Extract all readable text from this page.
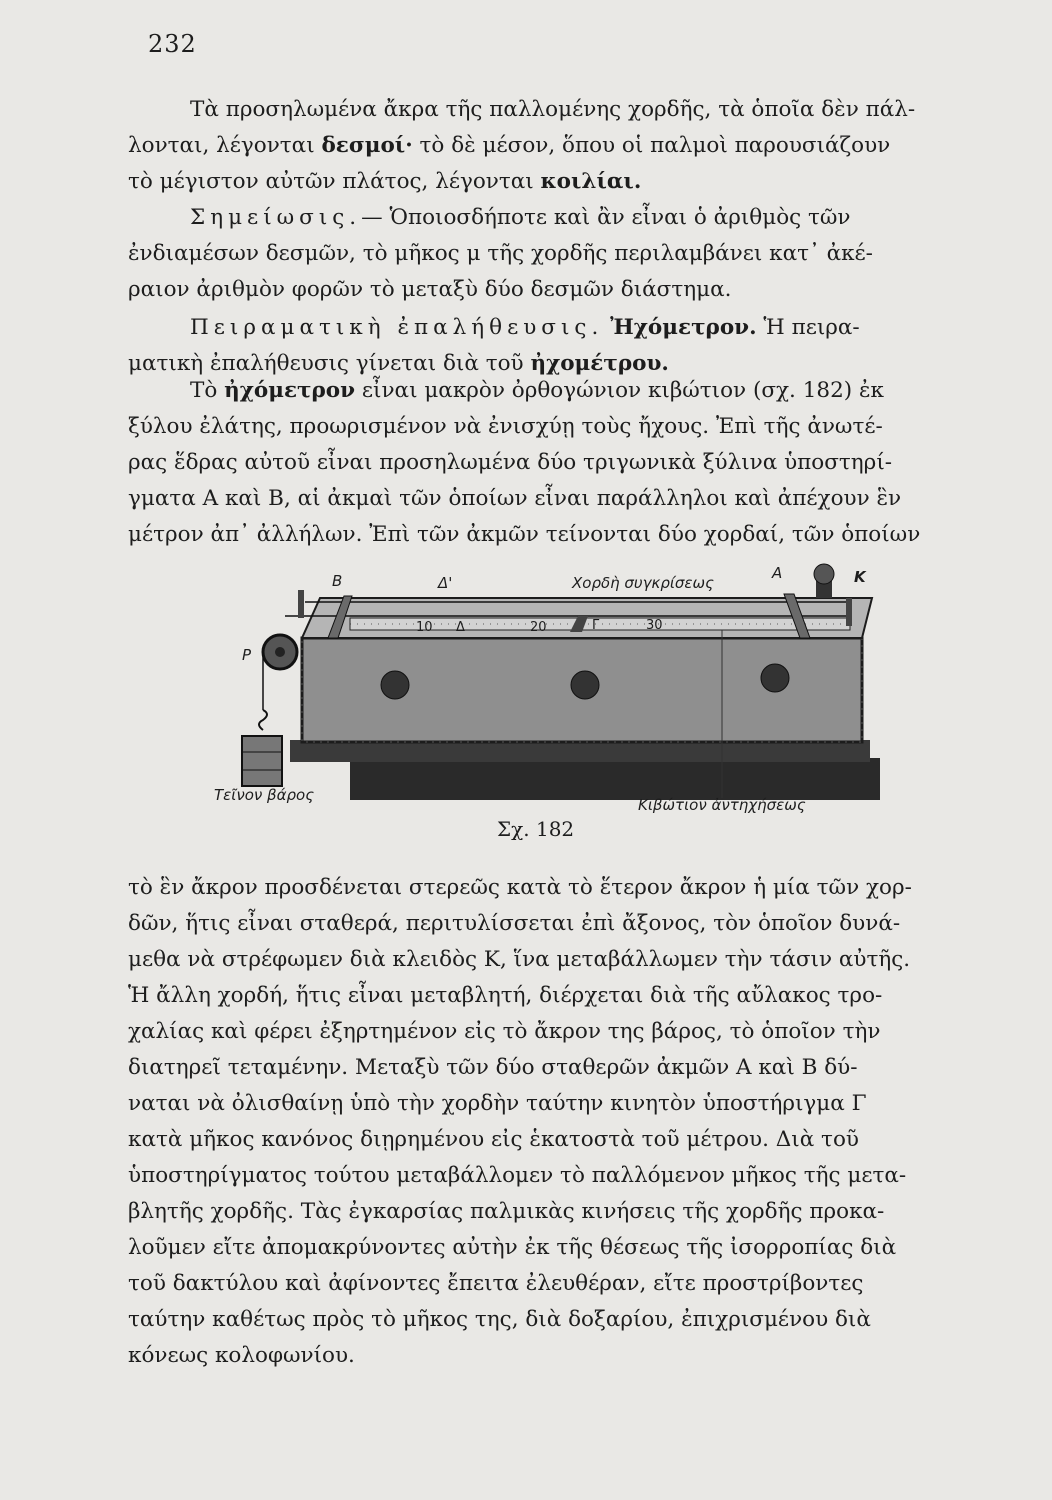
232
Τὰ προσηλωμένα ἄκρα τῆς παλλομένης χορδῆς, τὰ ὁποῖα δὲν πάλ-
λονται, λέγονται δεσμοί· τὸ δὲ μέσον, ὅπου οἱ παλμοὶ παρουσιάζουν
τὸ μέγιστον αὐτῶν πλάτος, λέγονται κοιλίαι.
Σημείωσις.— Ὁποιοσδήποτε καὶ ἂν εἶναι ὁ ἀριθμὸς τῶν
ἐνδιαμέσων δεσμῶν, τὸ μῆκος μ τῆς χορδῆς περιλαμβάνει κατ᾽ ἀκέ-
ραιον ἀριθμὸν φορῶν τὸ μεταξὺ δύο δεσμῶν διάστημα.
Πειραματικὴ ἐπαλήθευσις. Ἠχόμετρον. Ἡ πειρα-
ματικὴ ἐπαλήθευσις γίνεται διὰ τοῦ ἠχομέτρου.
Τὸ ἠχόμετρον εἶναι μακρὸν ὀρθογώνιον κιβώτιον (σχ. 182) ἐκ
ξύλου ἐλάτης, προωρισμένον νὰ ἐνισχύῃ τοὺς ἤχους. Ἐπὶ τῆς ἀνωτέ-
ρας ἕδρας αὐτοῦ εἶναι προσηλωμένα δύο τριγωνικὰ ξύλινα ὑποστηρί-
γματα Α καὶ Β, αἱ ἀκμαὶ τῶν ὁποίων εἶναι παράλληλοι καὶ ἀπέχουν ἓν
μέτρον ἀπ᾽ ἀλλήλων. Ἐπὶ τῶν ἀκμῶν τείνονται δύο χορδαί, τῶν ὁποίων
Β	Δ'	Χορδὴ συγκρίσεως
Α	Κ
Ρ
10 Δ	20	Γ	30
Τεῖνον βάρος
Κιβώτιον ἀντηχήσεως
Σχ. 182
τὸ ἓν ἄκρον προσδένεται στερεῶς κατὰ τὸ ἕτερον ἄκρον ἡ μία τῶν χορ-
δῶν, ἥτις εἶναι σταθερά, περιτυλίσσεται ἐπὶ ἄξονος, τὸν ὁποῖον δυνά-
μεθα νὰ στρέφωμεν διὰ κλειδὸς Κ, ἵνα μεταβάλλωμεν τὴν τάσιν αὐτῆς.
Ἡ ἄλλη χορδή, ἥτις εἶναι μεταβλητή, διέρχεται διὰ τῆς αὔλακος τρο-
χαλίας καὶ φέρει ἐξηρτημένον εἰς τὸ ἄκρον της βάρος, τὸ ὁποῖον τὴν
διατηρεῖ τεταμένην. Μεταξὺ τῶν δύο σταθερῶν ἀκμῶν Α καὶ Β δύ-
ναται νὰ ὀλισθαίνῃ ὑπὸ τὴν χορδὴν ταύτην κινητὸν ὑποστήριγμα Γ
κατὰ μῆκος κανόνος διῃρημένου εἰς ἑκατοστὰ τοῦ μέτρου. Διὰ τοῦ
ὑποστηρίγματος τούτου μεταβάλλομεν τὸ παλλόμενον μῆκος τῆς μετα-
βλητῆς χορδῆς. Τὰς ἐγκαρσίας παλμικὰς κινήσεις τῆς χορδῆς προκα-
λοῦμεν εἴτε ἀπομακρύνοντες αὐτὴν ἐκ τῆς θέσεως τῆς ἰσορροπίας διὰ
τοῦ δακτύλου καὶ ἀφίνοντες ἔπειτα ἐλευθέραν, εἴτε προστρίβοντες
ταύτην καθέτως πρὸς τὸ μῆκος της, διὰ δοξαρίου, ἐπιχρισμένου διὰ
κόνεως κολοφωνίου.
